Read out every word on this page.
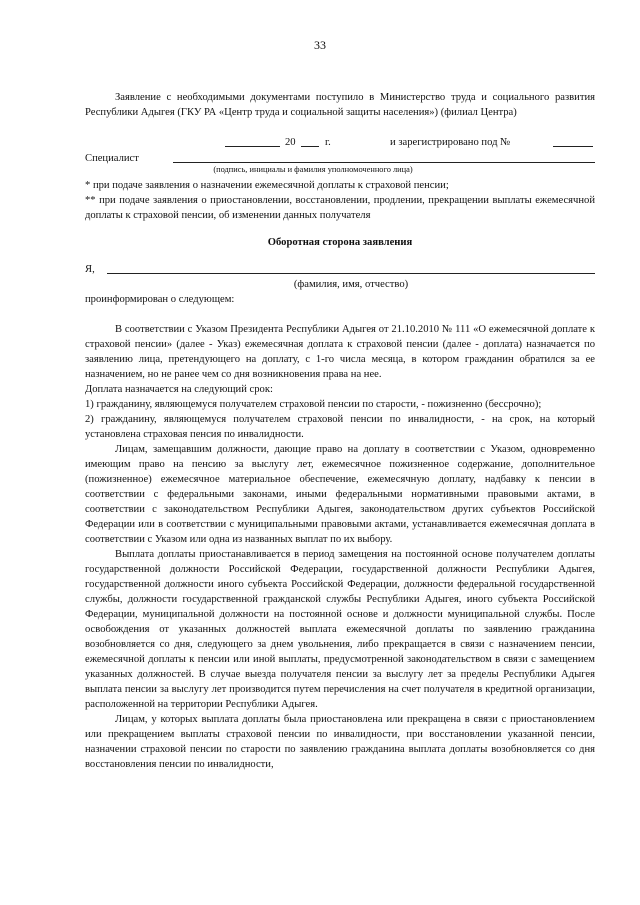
33

Заявление с необходимыми документами поступило в Министерство труда и социального развития Республики Адыгея (ГКУ РА «Центр труда и социальной защиты населения») (филиал Центра)

20	г.	и зарегистрировано под №
Специалист
(подпись, инициалы и фамилия уполномоченного лица)

* при подаче заявления о назначении ежемесячной доплаты к страховой пенсии;

** при подаче заявления о приостановлении, восстановлении, продлении, прекращении выплаты ежемесячной доплаты к страховой пенсии, об изменении данных получателя

Оборотная сторона заявления
Я,
(фамилия, имя, отчество)

проинформирован о следующем:

В соответствии с Указом Президента Республики Адыгея от 21.10.2010 № 111 «О ежемесячной доплате к страховой пенсии» (далее - Указ) ежемесячная доплата к страховой пенсии (далее - доплата) назначается по заявлению лица, претендующего на доплату, с 1-го числа месяца, в котором гражданин обратился за ее назначением, но не ранее чем со дня возникновения права на нее.

Доплата назначается на следующий срок:

1) гражданину, являющемуся получателем страховой пенсии по старости, - пожизненно (бессрочно);

2) гражданину, являющемуся получателем страховой пенсии по инвалидности, - на срок, на который установлена страховая пенсия по инвалидности.

Лицам, замещавшим должности, дающие право на доплату в соответствии с Указом, одновременно имеющим право на пенсию за выслугу лет, ежемесячное пожизненное содержание, дополнительное (пожизненное) ежемесячное материальное обеспечение, ежемесячную доплату, надбавку к пенсии в соответствии с федеральными законами, иными федеральными нормативными правовыми актами, в соответствии с законодательством Республики Адыгея, законодательством других субъектов Российской Федерации или в соответствии с муниципальными правовыми актами, устанавливается ежемесячная доплата в соответствии с Указом или одна из названных выплат по их выбору.

Выплата доплаты приостанавливается в период замещения на постоянной основе получателем доплаты государственной должности Российской Федерации, государственной должности Республики Адыгея, государственной должности иного субъекта Российской Федерации, должности федеральной государственной службы, должности государственной гражданской службы Республики Адыгея, иного субъекта Российской Федерации, муниципальной должности на постоянной основе и должности муниципальной службы. После освобождения от указанных должностей выплата ежемесячной доплаты по заявлению гражданина возобновляется со дня, следующего за днем увольнения, либо прекращается в связи с назначением пенсии, ежемесячной доплаты к пенсии или иной выплаты, предусмотренной законодательством в связи с замещением указанных должностей. В случае выезда получателя пенсии за выслугу лет за пределы Республики Адыгея выплата пенсии за выслугу лет производится путем перечисления на счет получателя в кредитной организации, расположенной на территории Республики Адыгея.

Лицам, у которых выплата доплаты была приостановлена или прекращена в связи с приостановлением или прекращением выплаты страховой пенсии по инвалидности, при восстановлении указанной пенсии, назначении страховой пенсии по старости по заявлению гражданина выплата доплаты возобновляется со дня восстановления пенсии по инвалидности,
